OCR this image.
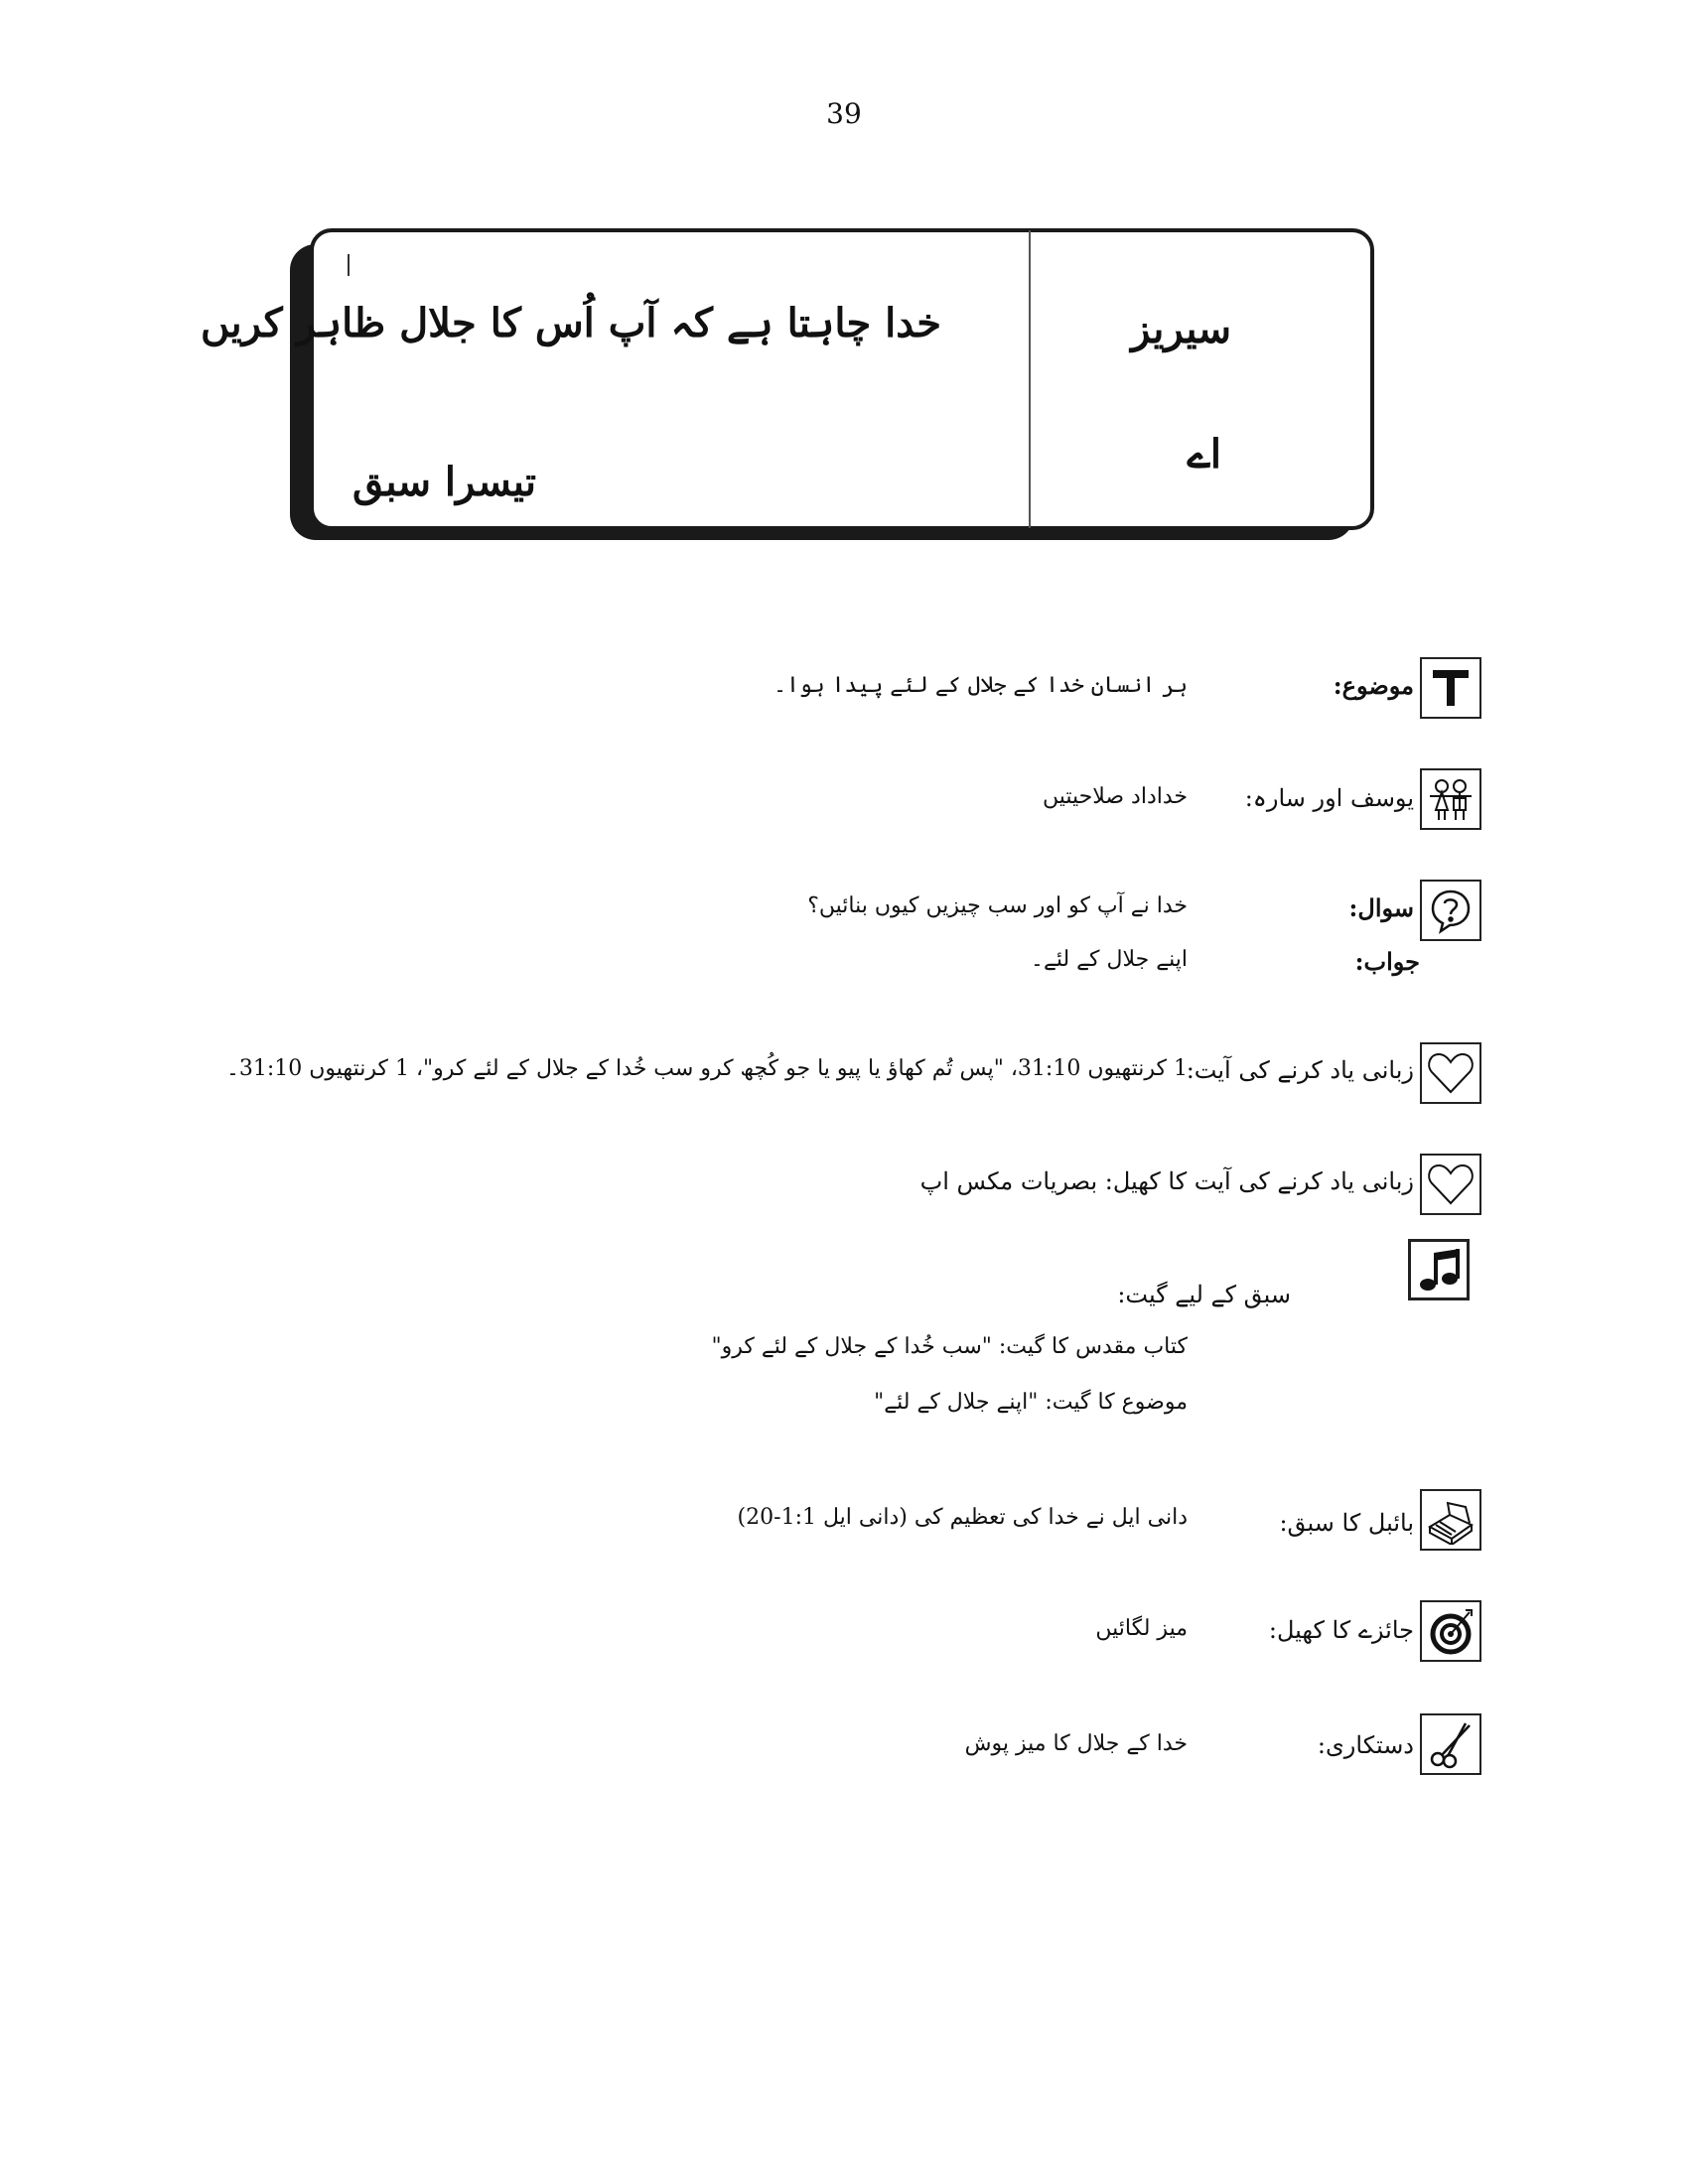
39
خدا چاہتا ہے کہ آپ اُس کا جلال ظاہر کریں
تیسرا سبق
سیریز
اے
موضوع:
ہر انسان خدا کے جلال کے لئے پیدا ہوا۔
یوسف اور سارہ:
خداداد صلاحیتیں
سوال:
خدا نے آپ کو اور سب چیزیں کیوں بنائیں؟
جواب:
اپنے جلال کے لئے۔
زبانی یاد کرنے کی آیت:
1 کرنتھیوں 31:10، "پس تُم کھاؤ یا پیو یا جو کُچھ کرو سب خُدا کے جلال کے لئے کرو"، 1 کرنتھیوں 31:10۔
زبانی یاد کرنے کی آیت کا کھیل: بصریات مکس اپ
سبق کے لیے گیت:
کتاب مقدس کا گیت: "سب خُدا کے جلال کے لئے کرو"
موضوع کا گیت: "اپنے جلال کے لئے"
بائبل کا سبق:
دانی ایل نے خدا کی تعظیم کی (دانی ایل 1:1-20)
جائزے کا کھیل:
میز لگائیں
دستکاری:
خدا کے جلال کا میز پوش
